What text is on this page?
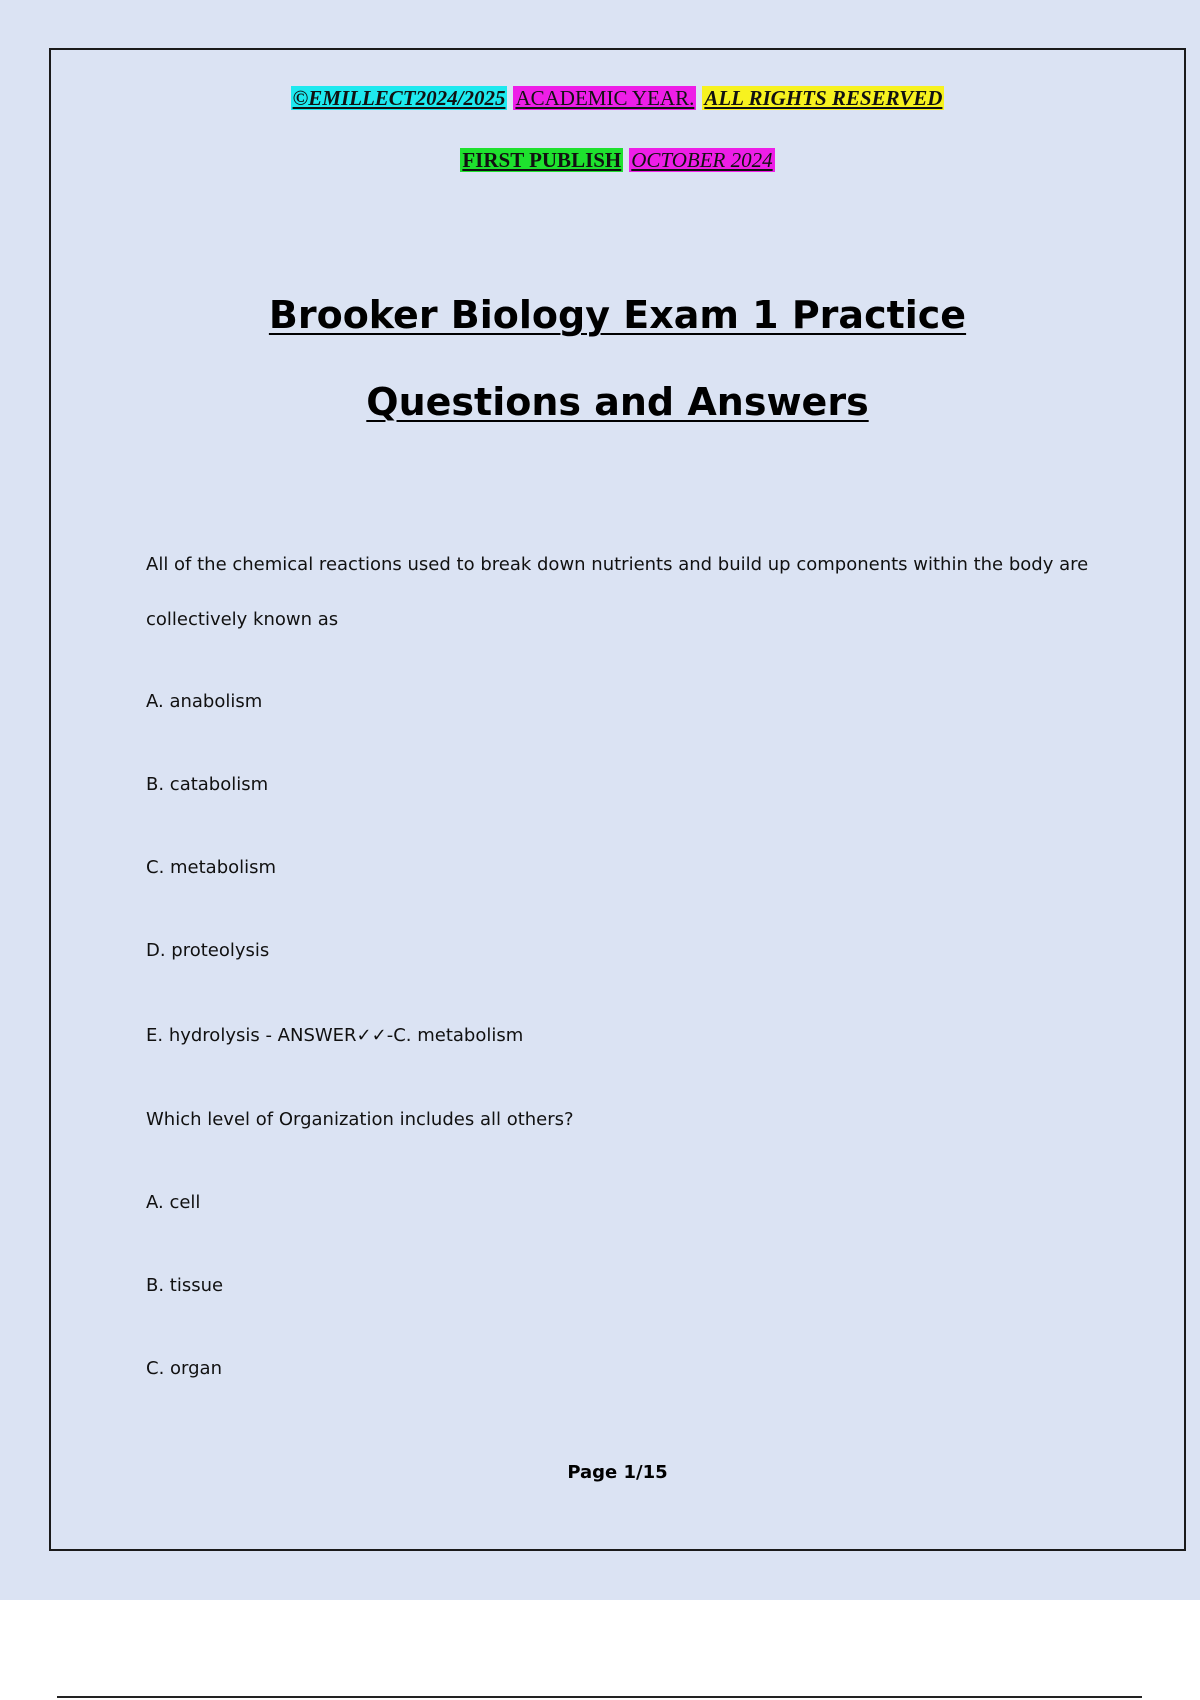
©EMILLECT2024/2025 ACADEMIC YEAR. ALL RIGHTS RESERVED
FIRST PUBLISH OCTOBER 2024
Brooker Biology Exam 1 Practice
Questions and Answers

All of the chemical reactions used to break down nutrients and build up components within the body are

collectively known as

A. anabolism

B. catabolism

C. metabolism

D. proteolysis

E. hydrolysis - ANSWER✓✓-C. metabolism

Which level of Organization includes all others?

A. cell

B. tissue

C. organ

Page 1/15
